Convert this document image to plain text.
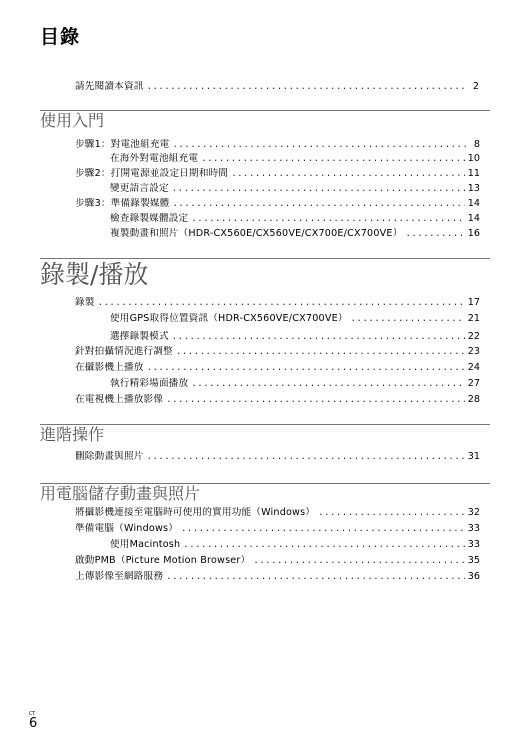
目錄
請先閱讀本資訊 .....	2
使用入門
步驟1：對電池組充電 .....	8
在海外對電池組充電 .....	10
步驟2：打開電源並設定日期和時間 .....	11
變更語言設定 .....	13
步驟3：準備錄製媒體 .....	14
檢查錄製媒體設定 .....	14
複製動畫和照片（HDR-CX560E/CX560VE/CX700E/CX700VE） .....	16
錄製/播放
錄製 .....	17
使用GPS取得位置資訊（HDR-CX560VE/CX700VE） .....	21
選擇錄製模式 .....	22
針對拍攝情況進行調整 .....	23
在攝影機上播放 .....	24
執行精彩場面播放 .....	27
在電視機上播放影像 .....	28
進階操作
刪除動畫與照片 .....	31
用電腦儲存動畫與照片
將攝影機連接至電腦時可使用的實用功能（Windows） .....	32
準備電腦（Windows） .....	33
使用Macintosh .....	33
啟動PMB（Picture Motion Browser） .....	35
上傳影像至網路服務 .....	36
CT
6
